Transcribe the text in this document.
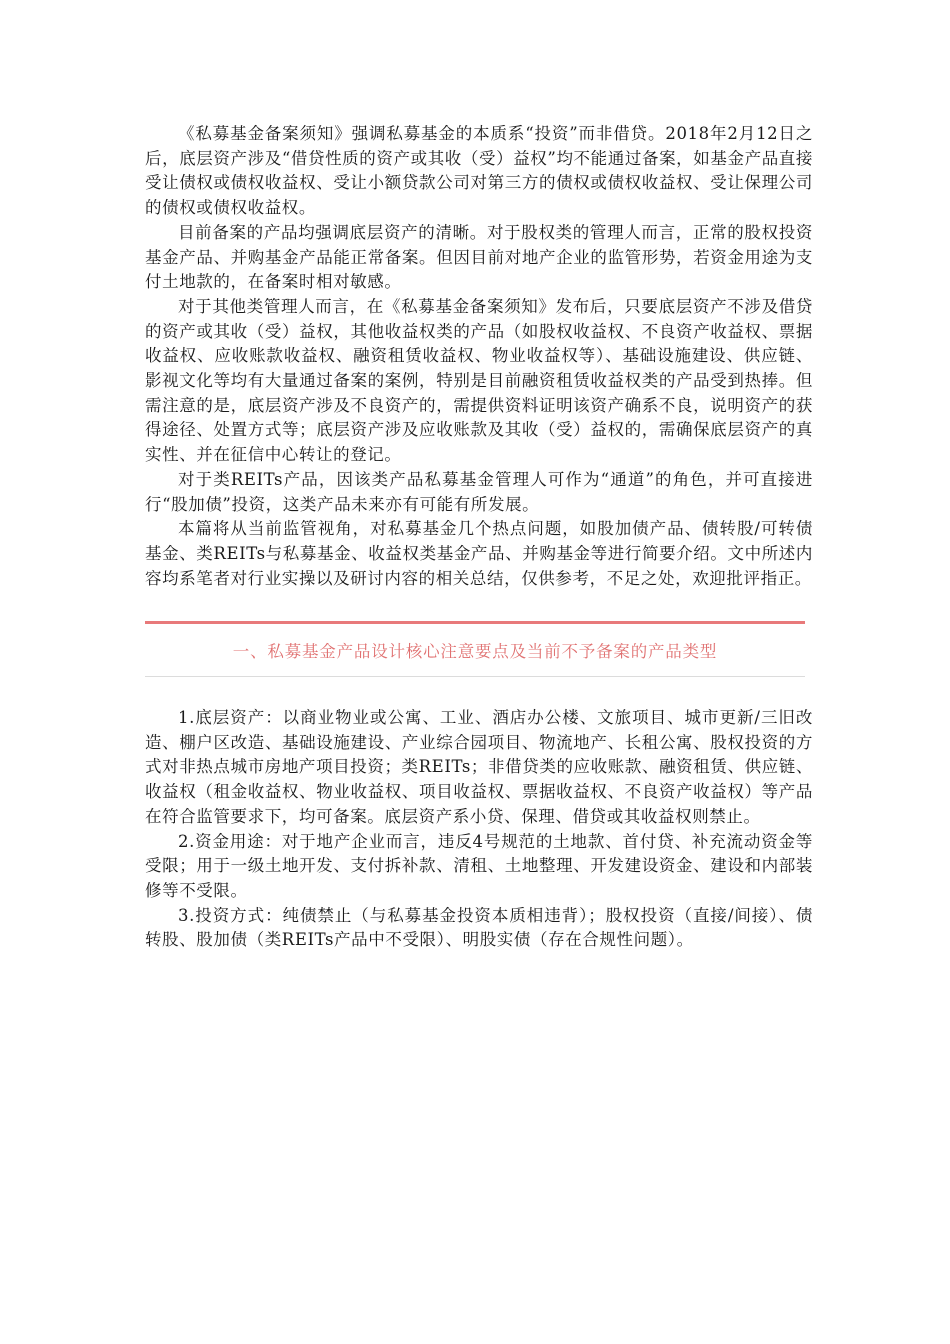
《私募基金备案须知》强调私募基金的本质系“投资”而非借贷。2018年2月12日之后，底层资产涉及“借贷性质的资产或其收（受）益权”均不能通过备案，如基金产品直接受让债权或债权收益权、受让小额贷款公司对第三方的债权或债权收益权、受让保理公司的债权或债权收益权。

目前备案的产品均强调底层资产的清晰。对于股权类的管理人而言，正常的股权投资基金产品、并购基金产品能正常备案。但因目前对地产企业的监管形势，若资金用途为支付土地款的，在备案时相对敏感。

对于其他类管理人而言，在《私募基金备案须知》发布后，只要底层资产不涉及借贷的资产或其收（受）益权，其他收益权类的产品（如股权收益权、不良资产收益权、票据收益权、应收账款收益权、融资租赁收益权、物业收益权等）、基础设施建设、供应链、影视文化等均有大量通过备案的案例，特别是目前融资租赁收益权类的产品受到热捧。但需注意的是，底层资产涉及不良资产的，需提供资料证明该资产确系不良，说明资产的获得途径、处置方式等；底层资产涉及应收账款及其收（受）益权的，需确保底层资产的真实性、并在征信中心转让的登记。

对于类REITs产品，因该类产品私募基金管理人可作为“通道”的角色，并可直接进行“股加债”投资，这类产品未来亦有可能有所发展。

本篇将从当前监管视角，对私募基金几个热点问题，如股加债产品、债转股/可转债基金、类REITs与私募基金、收益权类基金产品、并购基金等进行简要介绍。文中所述内容均系笔者对行业实操以及研讨内容的相关总结，仅供参考，不足之处，欢迎批评指正。

一、私募基金产品设计核心注意要点及当前不予备案的产品类型

1.底层资产：以商业物业或公寓、工业、酒店办公楼、文旅项目、城市更新/三旧改造、棚户区改造、基础设施建设、产业综合园项目、物流地产、长租公寓、股权投资的方式对非热点城市房地产项目投资；类REITs；非借贷类的应收账款、融资租赁、供应链、收益权（租金收益权、物业收益权、项目收益权、票据收益权、不良资产收益权）等产品在符合监管要求下，均可备案。底层资产系小贷、保理、借贷或其收益权则禁止。

2.资金用途：对于地产企业而言，违反4号规范的土地款、首付贷、补充流动资金等受限；用于一级土地开发、支付拆补款、清租、土地整理、开发建设资金、建设和内部装修等不受限。

3.投资方式：纯债禁止（与私募基金投资本质相违背）；股权投资（直接/间接）、债转股、股加债（类REITs产品中不受限）、明股实债（存在合规性问题）。
